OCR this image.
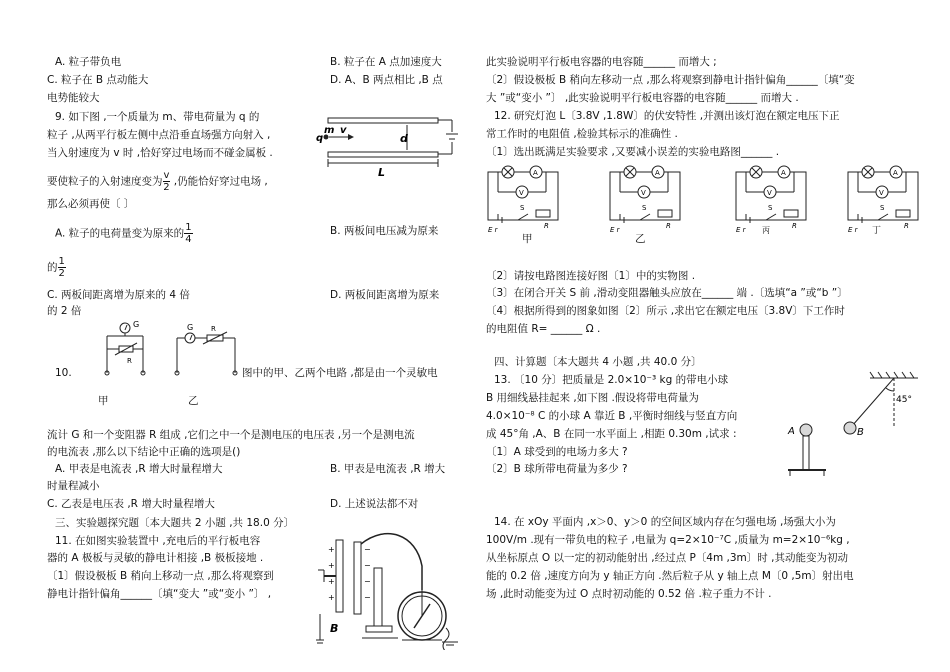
A. 粒子带负电	B. 粒子在 A 点加速度大
C. 粒子在 B 点动能大	D. A、B 两点相比 ,B 点
电势能较大
9. 如下图 ,一个质量为 m、带电荷量为 q 的
粒子 ,从两平行板左侧中点沿垂直场强方向射入 ,
当入射速度为 v 时 ,恰好穿过电场而不碰金属板 .
要使粒子的入射速度变为 $\frac{v}{2}$ ,仍能恰好穿过电场 ,
那么必须再使〔 〕
A. 粒子的电荷量变为原来的 $\frac{1}{4}$	B. 两板间电压减为原来
的 $\frac{1}{2}$
C. 两板间距离增为原来的 4 倍	D. 两板间距离增为原来
的 2 倍
d
q
m v
L
10.
G
R
G	R
图中的甲、乙两个电路 ,都是由一个灵敏电
甲	乙
流计 G 和一个变阻器 R 组成 ,它们之中一个是测电压的电压表 ,另一个是测电流
的电流表 ,那么以下结论中正确的选项是()
A. 甲表是电流表 ,R 增大时量程增大	B. 甲表是电流表 ,R 增大
时量程减小
C. 乙表是电压表 ,R 增大时量程增大	D. 上述说法都不对
三、实验题探究题〔本大题共 2 小题 ,共 18.0 分〕
11. 在如图实验装置中 ,充电后的平行板电容
器的 A 极板与灵敏的静电计相接 ,B 极板接地 .
〔1〕假设极板 B 稍向上移动一点 ,那么将观察到
静电计指针偏角______〔填“变大 ”或“变小 ”〕 ,
+
+
+
+
−
−
−
−
B
此实验说明平行板电容器的电容随______ 而增大 ;
〔2〕假设极板 B 稍向左移动一点 ,那么将观察到静电计指针偏角______〔填“变
大 ”或“变小 ”〕 ,此实验说明平行板电容器的电容随______ 而增大 .
12. 研究灯泡 L〔3.8V ,1.8W〕的伏安特性 ,并测出该灯泡在额定电压下正
常工作时的电阻值 ,检验其标示的准确性 .
〔1〕选出既满足实验要求 ,又要减小误差的实验电路图______ .
A
V
R
E r
S
A
V
R
E r
S
A
V
R
E r
S
A
V
R
E r
S
甲	乙
丙	丁
〔2〕请按电路图连接好图〔1〕中的实物图 .
〔3〕在闭合开关 S 前 ,滑动变阻器触头应放在______ 端 .〔选填“a ”或“b ”〕
〔4〕根据所得到的图象如图〔2〕所示 ,求出它在额定电压〔3.8V〕下工作时
的电阻值 R= ______ Ω .
四、计算题〔本大题共 4 小题 ,共 40.0 分〕
13. 〔10 分〕把质量是 2.0×10⁻³ kg 的带电小球
B 用细线悬挂起来 ,如下图 .假设将带电荷量为
4.0×10⁻⁸ C 的小球 A 靠近 B ,平衡时细线与竖直方向
成 45°角 ,A、B 在同一水平面上 ,相距 0.30m ,试求 :
〔1〕A 球受到的电场力多大 ?
〔2〕B 球所带电荷量为多少 ?
45°
B
A
14. 在 xOy 平面内 ,x＞0、y＞0 的空间区域内存在匀强电场 ,场强大小为
100V/m .现有一带负电的粒子 ,电量为 q=2×10⁻⁷C ,质量为 m=2×10⁻⁶kg ,
从坐标原点 O 以一定的初动能射出 ,经过点 P〔4m ,3m〕时 ,其动能变为初动
能的 0.2 倍 ,速度方向为 y 轴正方向 .然后粒子从 y 轴上点 M〔0 ,5m〕射出电
场 ,此时动能变为过 O 点时初动能的 0.52 倍 .粒子重力不计 .
